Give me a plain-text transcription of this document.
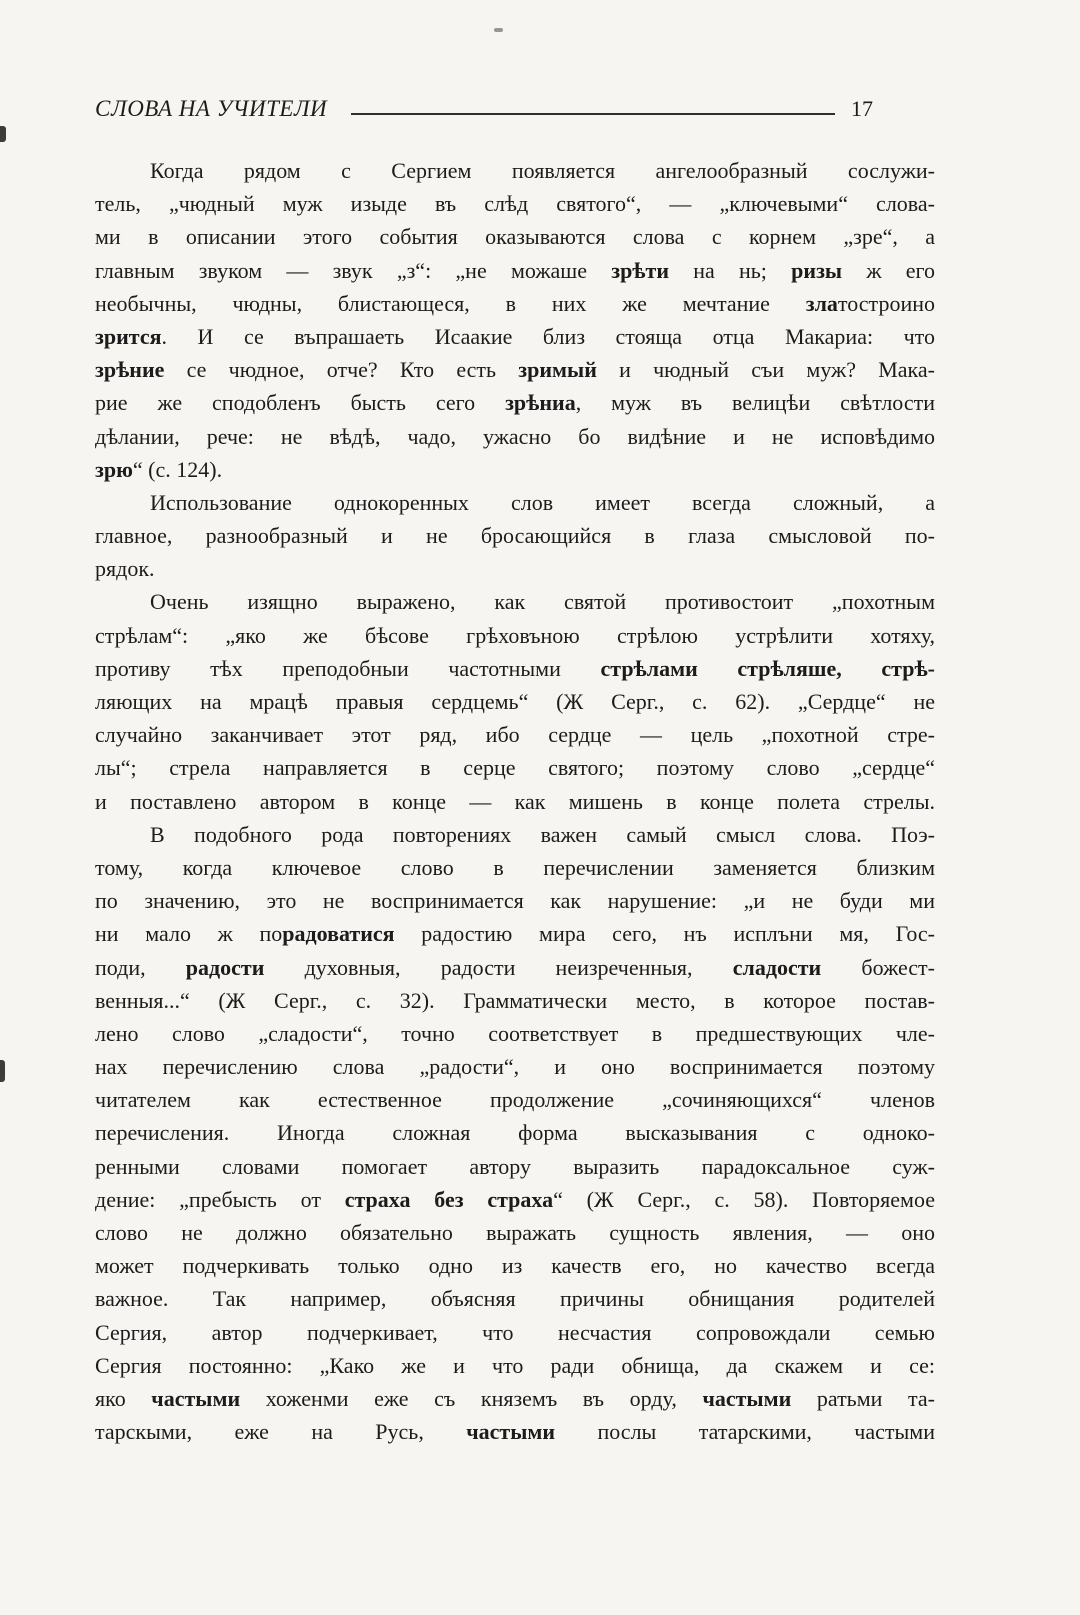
СЛОВА НА УЧИТЕЛИ	17
Когда рядом с Сергием появляется ангелообразный сослужи-
тель, „чюдный муж изыде въ слѣд святого“, — „ключевыми“ слова-
ми в описании этого события оказываются слова с корнем „зре“, а
главным звуком — звук „з“: „не можаше зрѣти на нь; ризы ж его
необычны, чюдны, блистающеся, в них же мечтание златостроино
зрится. И се въпрашаеть Исаакие близ стояща отца Макариа: что
зрѣние се чюдное, отче? Кто есть зримый и чюдный съи муж? Мака-
рие же сподобленъ бысть сего зрѣниа, муж въ велицѣи свѣтлости
дѣлании, рече: не вѣдѣ, чадо, ужасно бо видѣние и не исповѣдимо
зрю“ (с. 124).
Использование однокоренных слов имеет всегда сложный, а
главное, разнообразный и не бросающийся в глаза смысловой по-
рядок.
Очень изящно выражено, как святой противостоит „похотным
стрѣлам“: „яко же бѣсове грѣховъною стрѣлою устрѣлити хотяху,
противу тѣх преподобныи частотными стрѣлами стрѣляше, стрѣ-
ляющих на мрацѣ правыя сердцемь“ (Ж Серг., с. 62). „Сердце“ не
случайно заканчивает этот ряд, ибо сердце — цель „похотной стре-
лы“; стрела направляется в серце святого; поэтому слово „сердце“
и поставлено автором в конце — как мишень в конце полета стрелы.
В подобного рода повторениях важен самый смысл слова. Поэ-
тому, когда ключевое слово в перечислении заменяется близким
по значению, это не воспринимается как нарушение: „и не буди ми
ни мало ж порадоватися радостию мира сего, нъ исплъни мя, Гос-
поди, радости духовныя, радости неизреченныя, сладости божест-
венныя...“ (Ж Серг., с. 32). Грамматически место, в которое постав-
лено слово „сладости“, точно соответствует в предшествующих чле-
нах перечислению слова „радости“, и оно воспринимается поэтому
читателем как естественное продолжение „сочиняющихся“ членов
перечисления. Иногда сложная форма высказывания с одноко-
ренными словами помогает автору выразить парадоксальное суж-
дение: „пребысть от страха без страха“ (Ж Серг., с. 58). Повторяемое
слово не должно обязательно выражать сущность явления, — оно
может подчеркивать только одно из качеств его, но качество всегда
важное. Так например, объясняя причины обнищания родителей
Сергия, автор подчеркивает, что несчастия сопровождали семью
Сергия постоянно: „Како же и что ради обнища, да скажем и се:
яко частыми хоженми еже съ княземъ въ орду, частыми ратьми та-
тарскыми, еже на Русь, частыми послы татарскими, частыми
